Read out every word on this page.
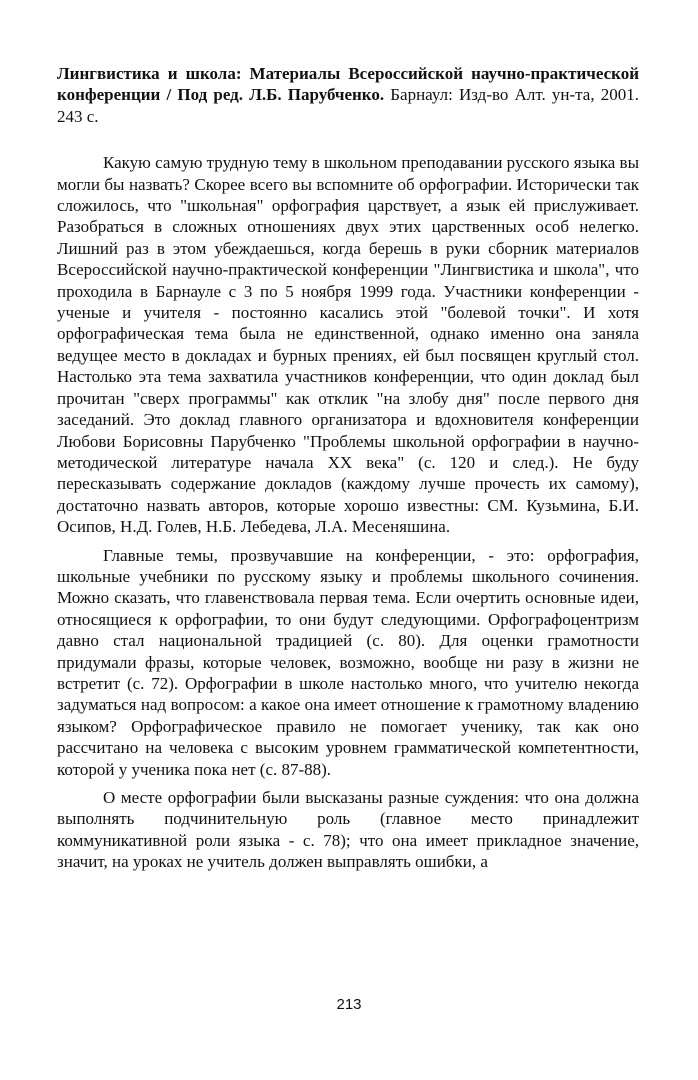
Лингвистика и школа: Материалы Всероссийской научно-практической конференции / Под ред. Л.Б. Парубченко. Барнаул: Изд-во Алт. ун-та, 2001. 243 с.

Какую самую трудную тему в школьном преподавании русского языка вы могли бы назвать? Скорее всего вы вспомните об орфографии. Исторически так сложилось, что "школьная" орфография царствует, а язык ей прислуживает. Разобраться в сложных отношениях двух этих царственных особ нелегко. Лишний раз в этом убеждаешься, когда берешь в руки сборник материалов Всероссийской научно-практической конференции "Лингвистика и школа", что проходила в Барнауле с 3 по 5 ноября 1999 года. Участники конференции - ученые и учителя - постоянно касались этой "болевой точки". И хотя орфографическая тема была не единственной, однако именно она заняла ведущее место в докладах и бурных прениях, ей был посвящен круглый стол. Настолько эта тема захватила участников конференции, что один доклад был прочитан "сверх программы" как отклик "на злобу дня" после первого дня заседаний. Это доклад главного организатора и вдохновителя конференции Любови Борисовны Парубченко "Проблемы школьной орфографии в научно-методической литературе начала XX века" (с. 120 и след.). Не буду пересказывать содержание докладов (каждому лучше прочесть их самому), достаточно назвать авторов, которые хорошо известны: СМ. Кузьмина, Б.И. Осипов, Н.Д. Голев, Н.Б. Лебедева, Л.А. Месеняшина.

Главные темы, прозвучавшие на конференции, - это: орфография, школьные учебники по русскому языку и проблемы школьного сочинения. Можно сказать, что главенствовала первая тема. Если очертить основные идеи, относящиеся к орфографии, то они будут следующими. Орфографоцентризм давно стал национальной традицией (с. 80). Для оценки грамотности придумали фразы, которые человек, возможно, вообще ни разу в жизни не встретит (с. 72). Орфографии в школе настолько много, что учителю некогда задуматься над вопросом: а какое она имеет отношение к грамотному владению языком? Орфографическое правило не помогает ученику, так как оно рассчитано на человека с высоким уровнем грамматической компетентности, которой у ученика пока нет (с. 87-88).

О месте орфографии были высказаны разные суждения: что она должна выполнять подчинительную роль (главное место принадлежит коммуникативной роли языка - с. 78); что она имеет прикладное значение, значит, на уроках не учитель должен выправлять ошибки, а

213
